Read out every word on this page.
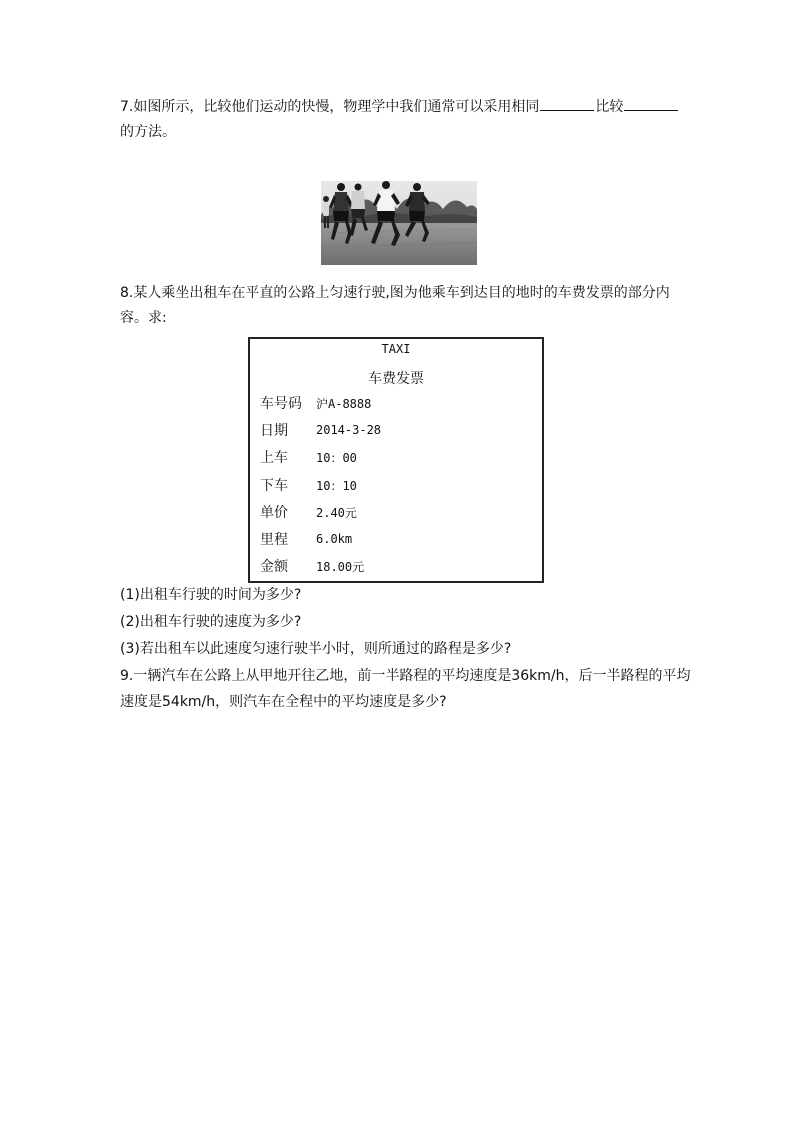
7.如图所示，比较他们运动的快慢，物理学中我们通常可以采用相同	比较
的方法。
8.某人乘坐出租车在平直的公路上匀速行驶,图为他乘车到达目的地时的车费发票的部分内
容。求:
TAXI
车费发票
车号码	沪A-8888
日期	2014-3-28
上车	10：00
下车	10：10
单价	2.40元
里程	6.0km
金额	18.00元
(1)出租车行驶的时间为多少?
(2)出租车行驶的速度为多少?
(3)若出租车以此速度匀速行驶半小时，则所通过的路程是多少?
9.一辆汽车在公路上从甲地开往乙地，前一半路程的平均速度是36km/h，后一半路程的平均
速度是54km/h，则汽车在全程中的平均速度是多少?
